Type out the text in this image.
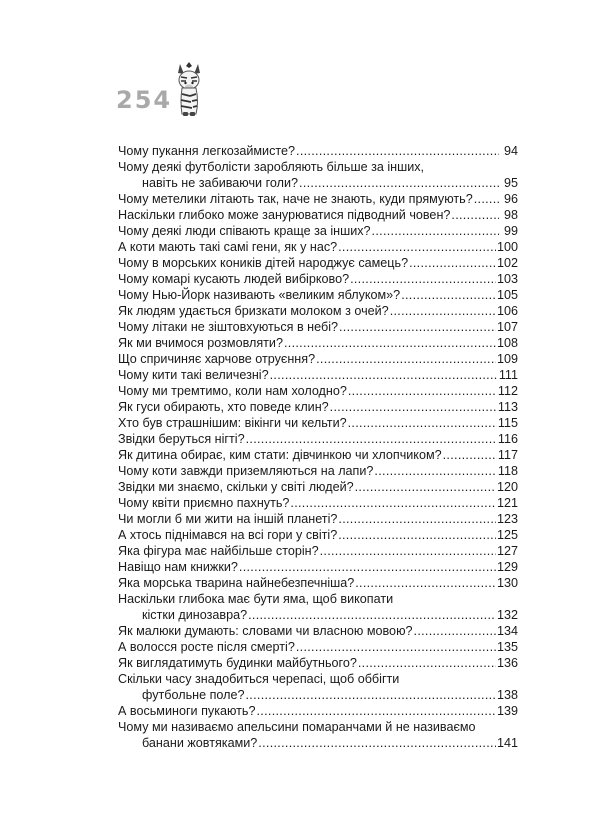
254
Чому пукання легкозаймисте? .....	94
Чому деякі футболісти заробляють більше за інших,
навіть не забиваючи голи? .....	95
Чому метелики літають так, наче не знають, куди прямують? .....	96
Наскільки глибоко може занурюватися підводний човен? .....	98
Чому деякі люди співають краще за інших? .....	99
А коти мають такі самі гени, як у нас? .....	100
Чому в морських коників дітей народжує самець? .....	102
Чому комарі кусають людей вибірково? .....	103
Чому Нью-Йорк називають «великим яблуком»? .....	105
Як людям удається бризкати молоком з очей? .....	106
Чому літаки не зіштовхуються в небі? .....	107
Як ми вчимося розмовляти? .....	108
Що спричиняє харчове отруєння? .....	109
Чому кити такі величезні? .....	111
Чому ми тремтимо, коли нам холодно? .....	112
Як гуси обирають, хто поведе клин? .....	113
Хто був страшнішим: вікінги чи кельти? .....	115
Звідки беруться нігті? .....	116
Як дитина обирає, ким стати: дівчинкою чи хлопчиком? .....	117
Чому коти завжди приземляються на лапи? .....	118
Звідки ми знаємо, скільки у світі людей? .....	120
Чому квіти приємно пахнуть? .....	121
Чи могли б ми жити на іншій планеті? .....	123
А хтось піднімався на всі гори у світі? .....	125
Яка фігура має найбільше сторін? .....	127
Навіщо нам книжки? .....	129
Яка морська тварина найнебезпечніша? .....	130
Наскільки глибока має бути яма, щоб викопати
кістки динозавра? .....	132
Як малюки думають: словами чи власною мовою? .....	134
А волосся росте після смерті? .....	135
Як виглядатимуть будинки майбутнього? .....	136
Скільки часу знадобиться черепасі, щоб оббігти
футбольне поле? .....	138
А восьминоги пукають? .....	139
Чому ми називаємо апельсини помаранчами й не називаємо
банани жовтяками? .....	141
